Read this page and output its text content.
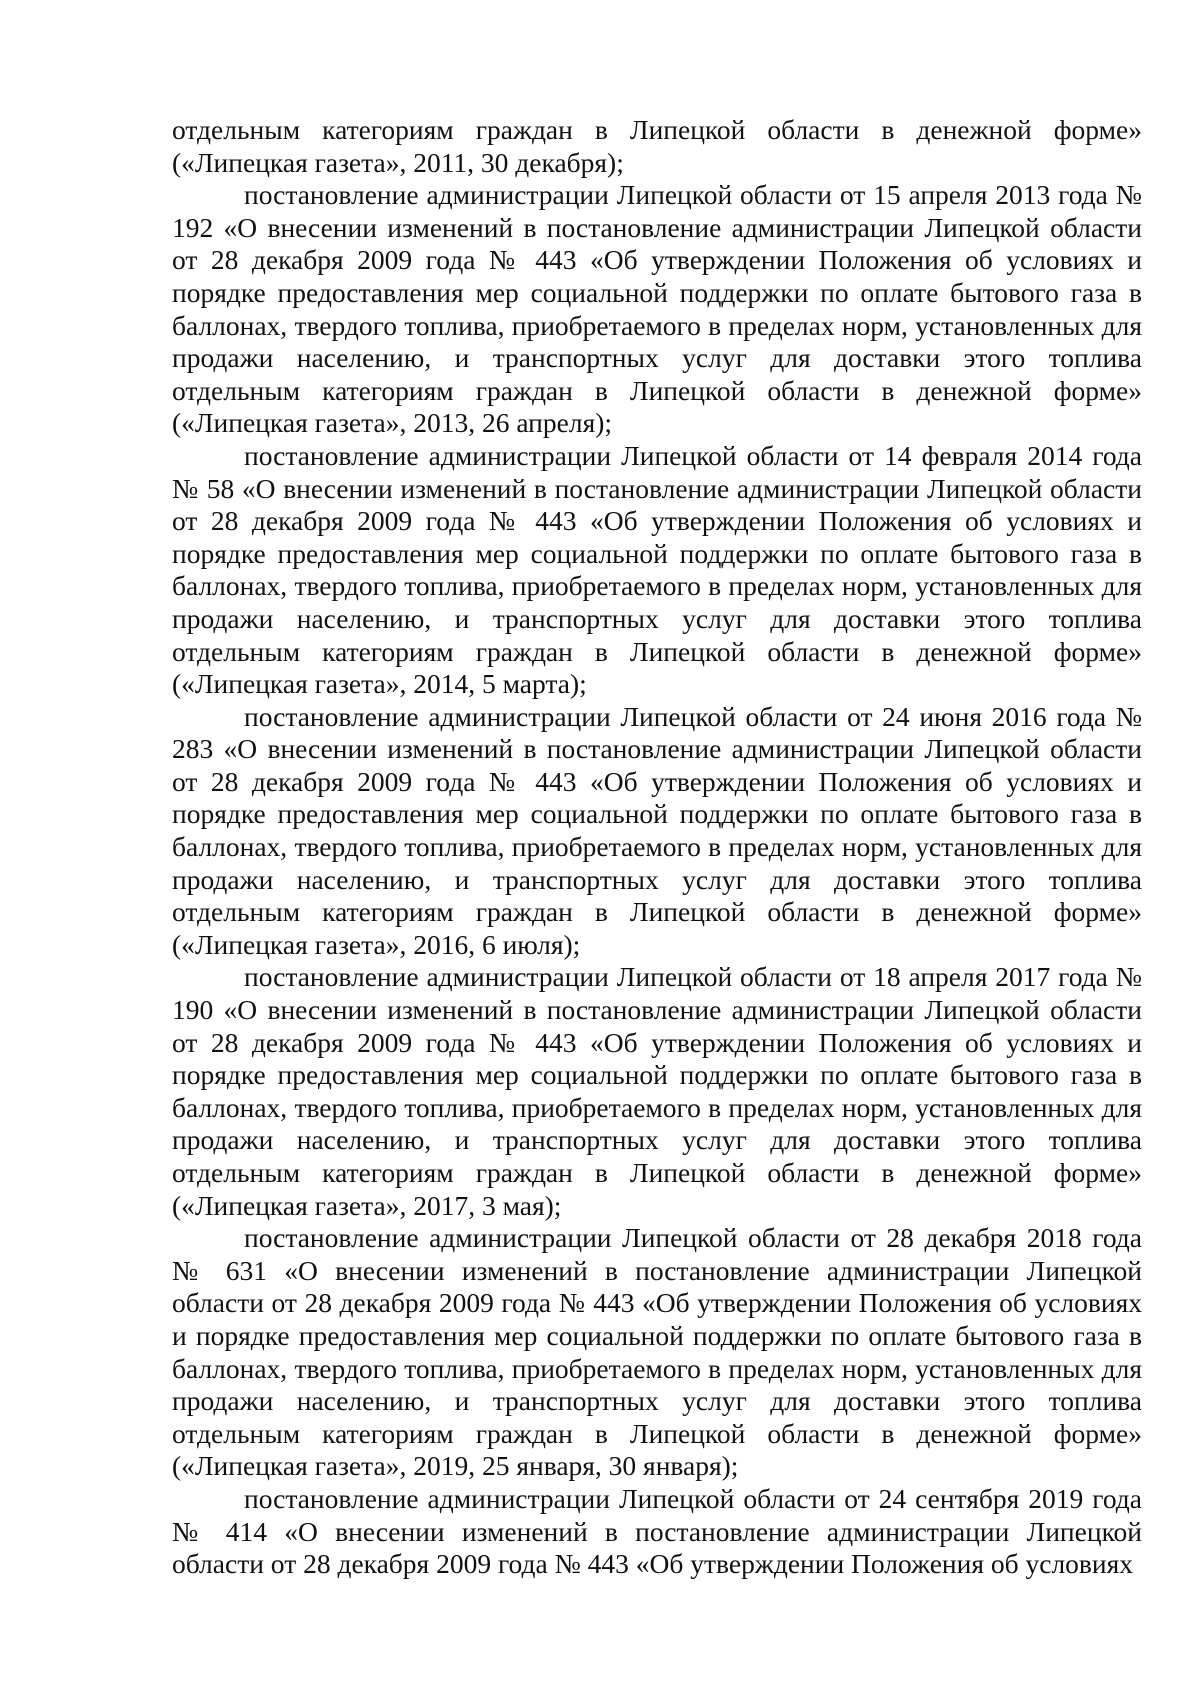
отдельным категориям граждан в Липецкой области в денежной форме» («Липецкая газета», 2011, 30 декабря);

постановление администрации Липецкой области от 15 апреля 2013 года № 192 «О внесении изменений в постановление администрации Липецкой области от 28 декабря 2009 года № 443 «Об утверждении Положения об условиях и порядке предоставления мер социальной поддержки по оплате бытового газа в баллонах, твердого топлива, приобретаемого в пределах норм, установленных для продажи населению, и транспортных услуг для доставки этого топлива отдельным категориям граждан в Липецкой области в денежной форме» («Липецкая газета», 2013, 26 апреля);

постановление администрации Липецкой области от 14 февраля 2014 года № 58 «О внесении изменений в постановление администрации Липецкой области от 28 декабря 2009 года № 443 «Об утверждении Положения об условиях и порядке предоставления мер социальной поддержки по оплате бытового газа в баллонах, твердого топлива, приобретаемого в пределах норм, установленных для продажи населению, и транспортных услуг для доставки этого топлива отдельным категориям граждан в Липецкой области в денежной форме» («Липецкая газета», 2014, 5 марта);

постановление администрации Липецкой области от 24 июня 2016 года № 283 «О внесении изменений в постановление администрации Липецкой области от 28 декабря 2009 года № 443 «Об утверждении Положения об условиях и порядке предоставления мер социальной поддержки по оплате бытового газа в баллонах, твердого топлива, приобретаемого в пределах норм, установленных для продажи населению, и транспортных услуг для доставки этого топлива отдельным категориям граждан в Липецкой области в денежной форме» («Липецкая газета», 2016, 6 июля);

постановление администрации Липецкой области от 18 апреля 2017 года № 190 «О внесении изменений в постановление администрации Липецкой области от 28 декабря 2009 года № 443 «Об утверждении Положения об условиях и порядке предоставления мер социальной поддержки по оплате бытового газа в баллонах, твердого топлива, приобретаемого в пределах норм, установленных для продажи населению, и транспортных услуг для доставки этого топлива отдельным категориям граждан в Липецкой области в денежной форме» («Липецкая газета», 2017, 3 мая);

постановление администрации Липецкой области от 28 декабря 2018 года № 631 «О внесении изменений в постановление администрации Липецкой области от 28 декабря 2009 года № 443 «Об утверждении Положения об условиях и порядке предоставления мер социальной поддержки по оплате бытового газа в баллонах, твердого топлива, приобретаемого в пределах норм, установленных для продажи населению, и транспортных услуг для доставки этого топлива отдельным категориям граждан в Липецкой области в денежной форме» («Липецкая газета», 2019, 25 января, 30 января);

постановление администрации Липецкой области от 24 сентября 2019 года № 414 «О внесении изменений в постановление администрации Липецкой области от 28 декабря 2009 года № 443 «Об утверждении Положения об условиях
